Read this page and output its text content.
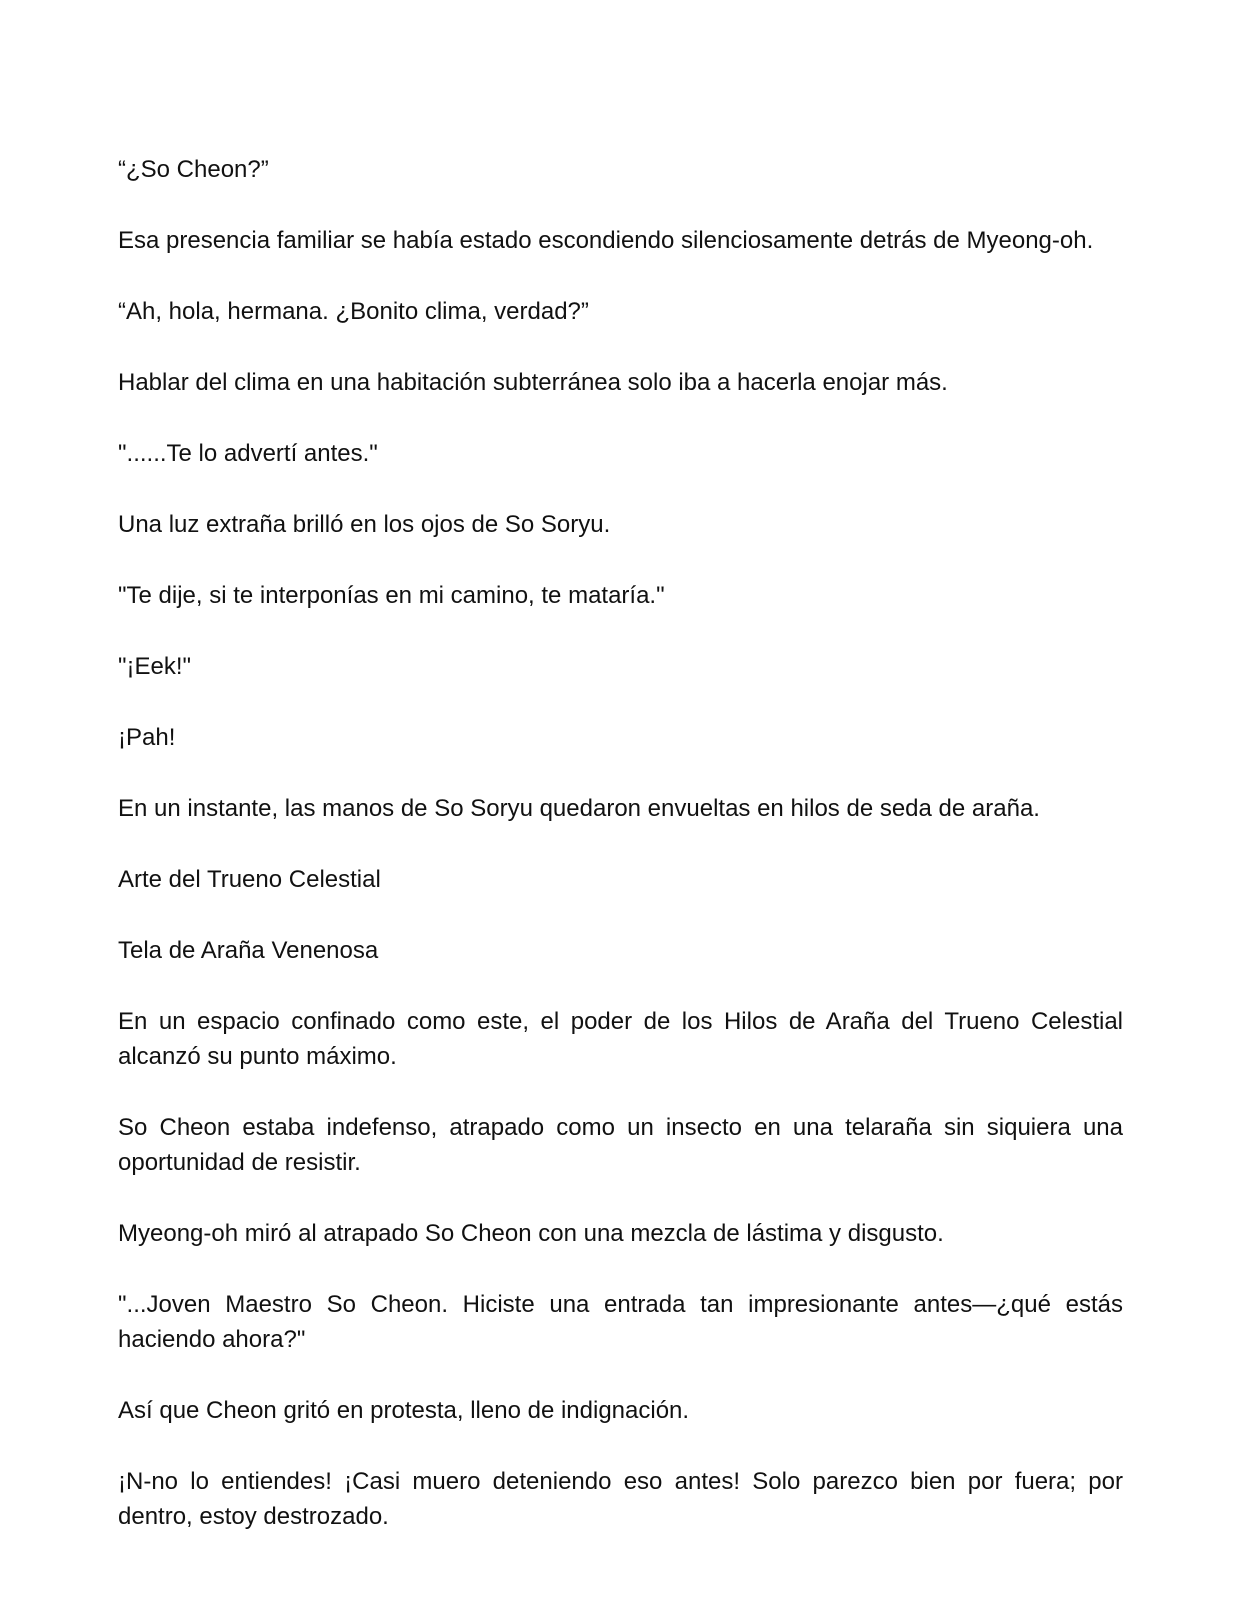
“¿So Cheon?”

Esa presencia familiar se había estado escondiendo silenciosamente detrás de Myeong-oh.

“Ah, hola, hermana. ¿Bonito clima, verdad?”

Hablar del clima en una habitación subterránea solo iba a hacerla enojar más.

"......Te lo advertí antes."

Una luz extraña brilló en los ojos de So Soryu.

"Te dije, si te interponías en mi camino, te mataría."

"¡Eek!"

¡Pah!

En un instante, las manos de So Soryu quedaron envueltas en hilos de seda de araña.

Arte del Trueno Celestial

Tela de Araña Venenosa

En un espacio confinado como este, el poder de los Hilos de Araña del Trueno Celestial alcanzó su punto máximo.

So Cheon estaba indefenso, atrapado como un insecto en una telaraña sin siquiera una oportunidad de resistir.

Myeong-oh miró al atrapado So Cheon con una mezcla de lástima y disgusto.

"...Joven Maestro So Cheon. Hiciste una entrada tan impresionante antes—¿qué estás haciendo ahora?"

Así que Cheon gritó en protesta, lleno de indignación.

¡N-no lo entiendes! ¡Casi muero deteniendo eso antes! Solo parezco bien por fuera; por dentro, estoy destrozado.
